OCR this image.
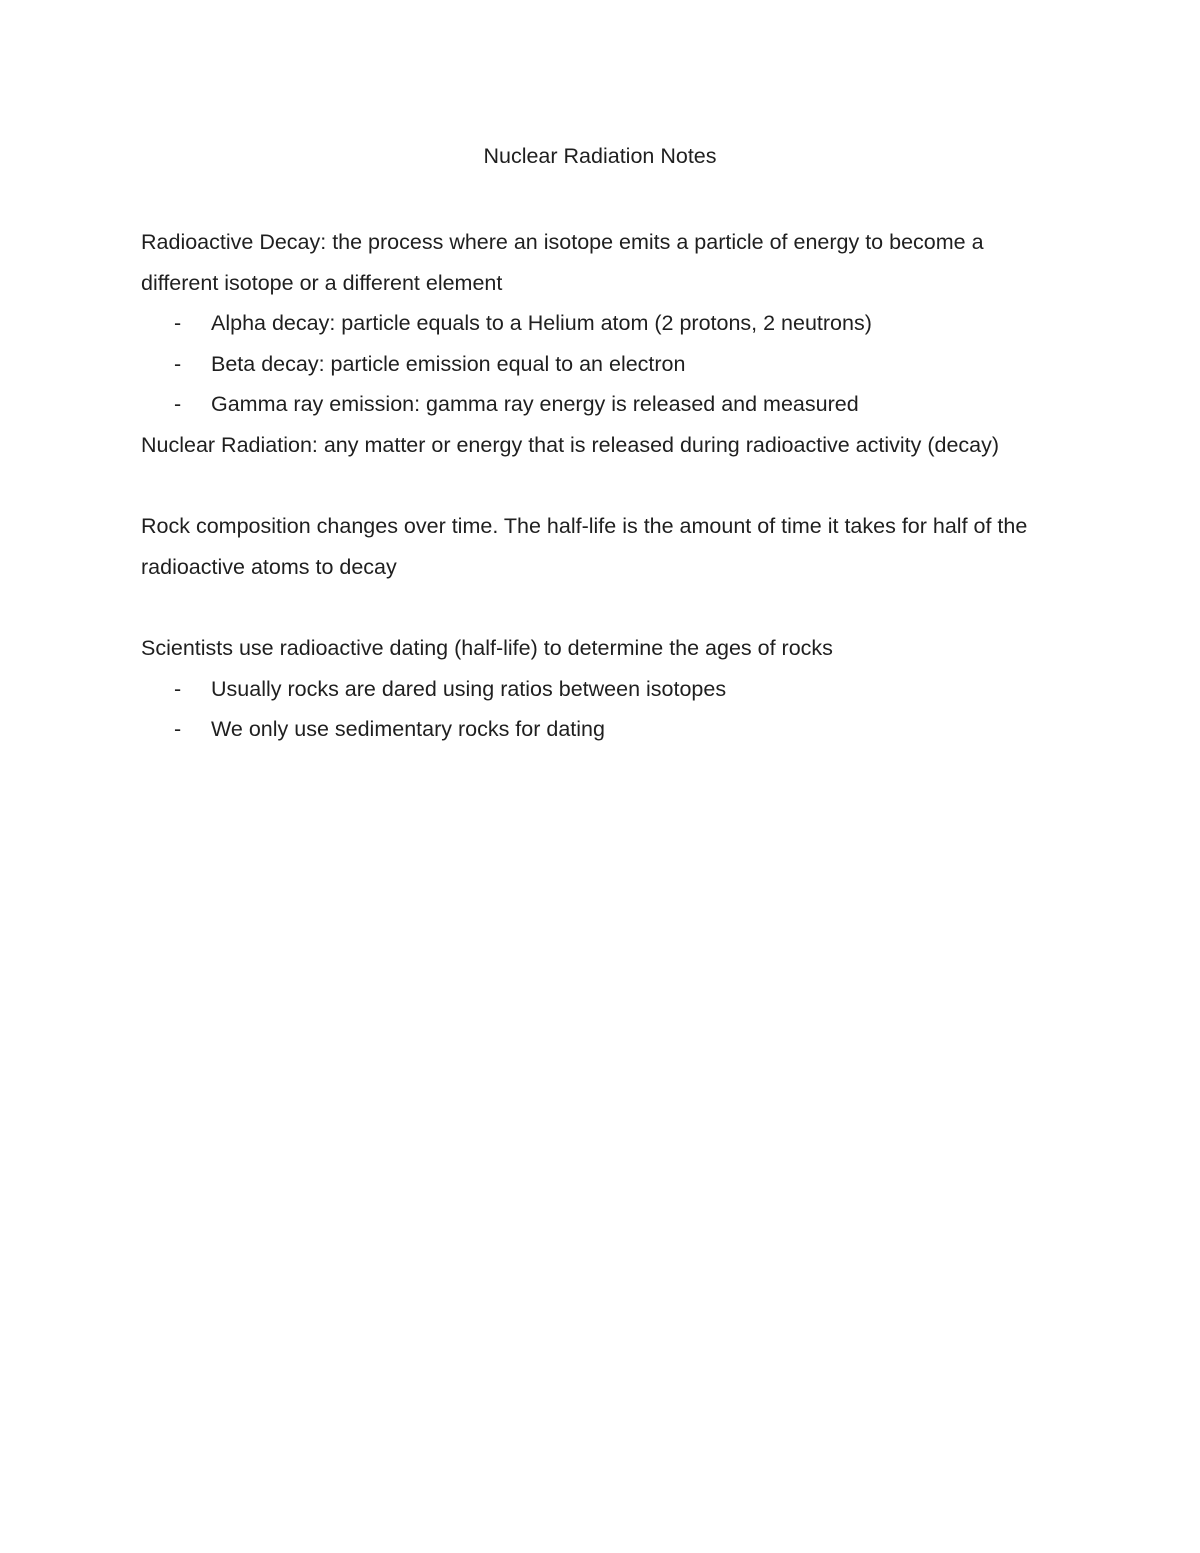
Nuclear Radiation Notes

Radioactive Decay: the process where an isotope emits a particle of energy to become a different isotope or a different element

- Alpha decay: particle equals to a Helium atom (2 protons, 2 neutrons)
- Beta decay: particle emission equal to an electron
- Gamma ray emission: gamma ray energy is released and measured

Nuclear Radiation: any matter or energy that is released during radioactive activity (decay)

Rock composition changes over time. The half-life is the amount of time it takes for half of the radioactive atoms to decay

Scientists use radioactive dating (half-life) to determine the ages of rocks

- Usually rocks are dared using ratios between isotopes
- We only use sedimentary rocks for dating
